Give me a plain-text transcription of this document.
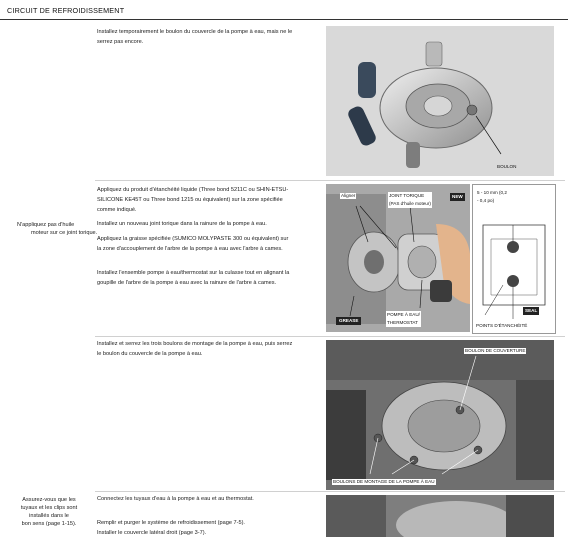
CIRCUIT DE REFROIDISSEMENT
Installez temporairement le boulon du couvercle de la pompe à eau, mais ne le
serrez pas encore.
BOULON
Appliquez du produit d'étanchéité liquide (Three bond 5211C ou SHIN-ETSU-
SILICONE KE45T ou Three bond 1215 ou équivalent) sur la zone spécifiée
comme indiqué.
N'appliquez pas d'huile
moteur sur ce joint torique.
Installez un nouveau joint torique dans la rainure de la pompe à eau.
Appliquez la graisse spécifiée (SUMICO MOLYPASTE 300 ou équivalent) sur
la zone d'accouplement de l'arbre de la pompe à eau avec l'arbre à cames.
Installez l'ensemble pompe à eau/thermostat sur la culasse tout en alignant la
goupille de l'arbre de la pompe à eau avec la rainure de l'arbre à cames.
Aligner	JOINT TORIQUE
(PAS d'huile moteur)
NEW
GREASE
POMPE À EAU/
THERMOSTAT
5 - 10 mm (0,2
- 0,4 po)
SEAL
POINTS D'ÉTANCHÉITÉ
Installez et serrez les trois boulons de montage de la pompe à eau, puis serrez
le boulon du couvercle de la pompe à eau.
BOULON DE COUVERTURE
BOULONS DE MONTAGE DE LA POMPE À EAU
Assurez-vous que les
tuyaux et les clips sont
installés dans le
bon sens (page 1-15).
Connectez les tuyaux d'eau à la pompe à eau et au thermostat.
Remplir et purger le système de refroidissement (page 7-5).
Installer le couvercle latéral droit (page 3-7).
